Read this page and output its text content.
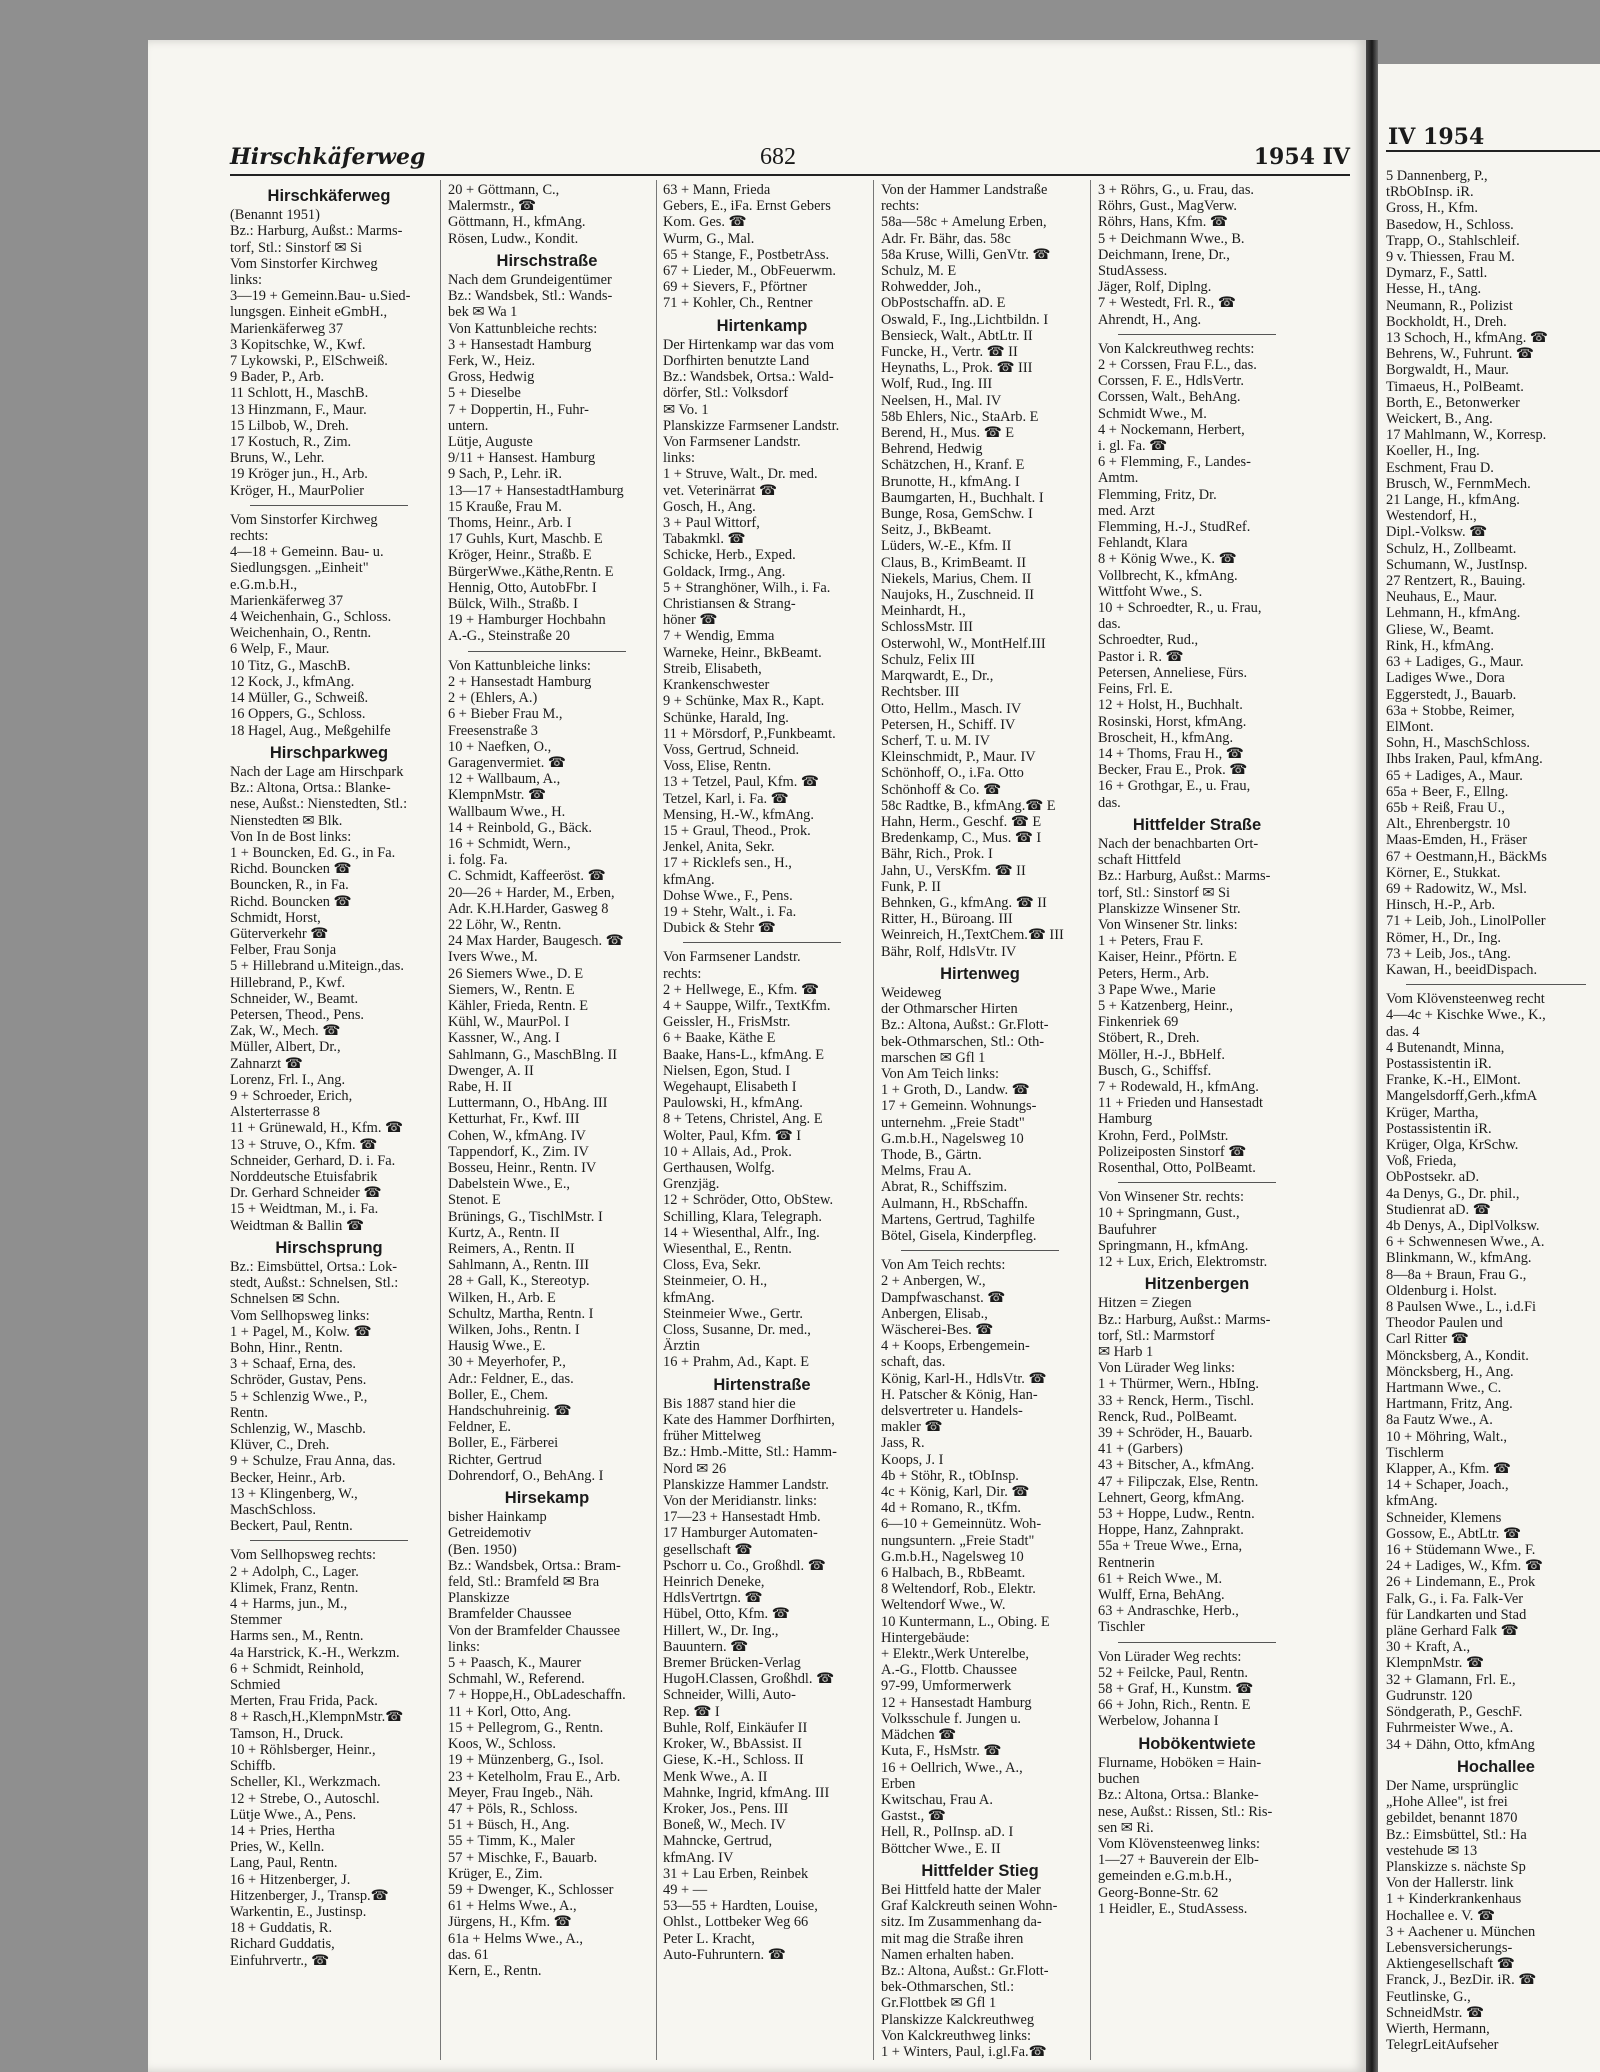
Hirschkäferweg	682	1954 IV
Hirschkäferweg
(Benannt 1951)
Bz.: Harburg, Außst.: Marms-
torf, Stl.: Sinstorf ✉ Si
Vom Sinstorfer Kirchweg
links:
3—19 + Gemeinn.Bau- u.Sied-
lungsgen. Einheit eGmbH.,
Marienkäferweg 37
3 Kopitschke, W., Kwf.
7 Lykowski, P., ElSchweiß.
9 Bader, P., Arb.
11 Schlott, H., MaschB.
13 Hinzmann, F., Maur.
15 Lilbob, W., Dreh.
17 Kostuch, R., Zim.
Bruns, W., Lehr.
19 Kröger jun., H., Arb.
Kröger, H., MaurPolier
Vom Sinstorfer Kirchweg
rechts:
4—18 + Gemeinn. Bau- u.
Siedlungsgen. „Einheit"
e.G.m.b.H.,
Marienkäferweg 37
4 Weichenhain, G., Schloss.
Weichenhain, O., Rentn.
6 Welp, F., Maur.
10 Titz, G., MaschB.
12 Kock, J., kfmAng.
14 Müller, G., Schweiß.
16 Oppers, G., Schloss.
18 Hagel, Aug., Meßgehilfe
Hirschparkweg
Nach der Lage am Hirschpark
Bz.: Altona, Ortsa.: Blanke-
nese, Außst.: Nienstedten, Stl.:
Nienstedten ✉ Blk.
Von In de Bost links:
1 + Bouncken, Ed. G., in Fa.
Richd. Bouncken ☎
Bouncken, R., in Fa.
Richd. Bouncken ☎
Schmidt, Horst,
Güterverkehr ☎
Felber, Frau Sonja
5 + Hillebrand u.Miteign.,das.
Hillebrand, P., Kwf.
Schneider, W., Beamt.
Petersen, Theod., Pens.
Zak, W., Mech. ☎
Müller, Albert, Dr.,
Zahnarzt ☎
Lorenz, Frl. I., Ang.
9 + Schroeder, Erich,
Alsterterrasse 8
11 + Grünewald, H., Kfm. ☎
13 + Struve, O., Kfm. ☎
Schneider, Gerhard, D. i. Fa.
Norddeutsche Etuisfabrik
Dr. Gerhard Schneider ☎
15 + Weidtman, M., i. Fa.
Weidtman & Ballin ☎
Hirschsprung
Bz.: Eimsbüttel, Ortsa.: Lok-
stedt, Außst.: Schnelsen, Stl.:
Schnelsen ✉ Schn.
Vom Sellhopsweg links:
1 + Pagel, M., Kolw. ☎
Bohn, Hinr., Rentn.
3 + Schaaf, Erna, des.
Schröder, Gustav, Pens.
5 + Schlenzig Wwe., P.,
Rentn.
Schlenzig, W., Maschb.
Klüver, C., Dreh.
9 + Schulze, Frau Anna, das.
Becker, Heinr., Arb.
13 + Klingenberg, W.,
MaschSchloss.
Beckert, Paul, Rentn.
Vom Sellhopsweg rechts:
2 + Adolph, C., Lager.
Klimek, Franz, Rentn.
4 + Harms, jun., M.,
Stemmer
Harms sen., M., Rentn.
4a Harstrick, K.-H., Werkzm.
6 + Schmidt, Reinhold,
Schmied
Merten, Frau Frida, Pack.
8 + Rasch,H.,KlempnMstr.☎
Tamson, H., Druck.
10 + Röhlsberger, Heinr.,
Schiffb.
Scheller, Kl., Werkzmach.
12 + Strebe, O., Autoschl.
Lütje Wwe., A., Pens.
14 + Pries, Hertha
Pries, W., Kelln.
Lang, Paul, Rentn.
16 + Hitzenberger, J.
Hitzenberger, J., Transp.☎
Warkentin, E., Justinsp.
18 + Guddatis, R.
Richard Guddatis,
Einfuhrvertr., ☎
20 + Göttmann, C.,
Malermstr., ☎
Göttmann, H., kfmAng.
Rösen, Ludw., Kondit.
Hirschstraße
Nach dem Grundeigentümer
Bz.: Wandsbek, Stl.: Wands-
bek ✉ Wa 1
Von Kattunbleiche rechts:
3 + Hansestadt Hamburg
Ferk, W., Heiz.
Gross, Hedwig
5 + Dieselbe
7 + Doppertin, H., Fuhr-
untern.
Lütje, Auguste
9/11 + Hansest. Hamburg
9 Sach, P., Lehr. iR.
13—17 + HansestadtHamburg
15 Krauße, Frau M.
Thoms, Heinr., Arb. I
17 Guhls, Kurt, Maschb. E
Kröger, Heinr., Straßb. E
BürgerWwe.,Käthe,Rentn. E
Hennig, Otto, AutobFbr. I
Bülck, Wilh., Straßb. I
19 + Hamburger Hochbahn
A.-G., Steinstraße 20
Von Kattunbleiche links:
2 + Hansestadt Hamburg
2 + (Ehlers, A.)
6 + Bieber Frau M.,
Freesenstraße 3
10 + Naefken, O.,
Garagenvermiet. ☎
12 + Wallbaum, A.,
KlempnMstr. ☎
Wallbaum Wwe., H.
14 + Reinbold, G., Bäck.
16 + Schmidt, Wern.,
i. folg. Fa.
C. Schmidt, Kaffeeröst. ☎
20—26 + Harder, M., Erben,
Adr. K.H.Harder, Gasweg 8
22 Löhr, W., Rentn.
24 Max Harder, Baugesch. ☎
Ivers Wwe., M.
26 Siemers Wwe., D. E
Siemers, W., Rentn. E
Kähler, Frieda, Rentn. E
Kühl, W., MaurPol. I
Kassner, W., Ang. I
Sahlmann, G., MaschBlng. II
Dwenger, A. II
Rabe, H. II
Luttermann, O., HbAng. III
Ketturhat, Fr., Kwf. III
Cohen, W., kfmAng. IV
Tappendorf, K., Zim. IV
Bosseu, Heinr., Rentn. IV
Dabelstein Wwe., E.,
Stenot. E
Brünings, G., TischlMstr. I
Kurtz, A., Rentn. II
Reimers, A., Rentn. II
Sahlmann, A., Rentn. III
28 + Gall, K., Stereotyp.
Wilken, H., Arb. E
Schultz, Martha, Rentn. I
Wilken, Johs., Rentn. I
Hausig Wwe., E.
30 + Meyerhofer, P.,
Adr.: Feldner, E., das.
Boller, E., Chem.
Handschuhreinig. ☎
Feldner, E.
Boller, E., Färberei
Richter, Gertrud
Dohrendorf, O., BehAng. I
Hirsekamp
bisher Hainkamp
Getreidemotiv
(Ben. 1950)
Bz.: Wandsbek, Ortsa.: Bram-
feld, Stl.: Bramfeld ✉ Bra
Planskizze
Bramfelder Chaussee
Von der Bramfelder Chaussee
links:
5 + Paasch, K., Maurer
Schmahl, W., Referend.
7 + Hoppe,H., ObLadeschaffn.
11 + Korl, Otto, Ang.
15 + Pellegrom, G., Rentn.
Koos, W., Schloss.
19 + Münzenberg, G., Isol.
23 + Ketelholm, Frau E., Arb.
Meyer, Frau Ingeb., Näh.
47 + Pöls, R., Schloss.
51 + Büsch, H., Ang.
55 + Timm, K., Maler
57 + Mischke, F., Bauarb.
Krüger, E., Zim.
59 + Dwenger, K., Schlosser
61 + Helms Wwe., A.,
Jürgens, H., Kfm. ☎
61a + Helms Wwe., A.,
das. 61
Kern, E., Rentn.
63 + Mann, Frieda
Gebers, E., iFa. Ernst Gebers
Kom. Ges. ☎
Wurm, G., Mal.
65 + Stange, F., PostbetrAss.
67 + Lieder, M., ObFeuerwm.
69 + Sievers, F., Pförtner
71 + Kohler, Ch., Rentner
Hirtenkamp
Der Hirtenkamp war das vom
Dorfhirten benutzte Land
Bz.: Wandsbek, Ortsa.: Wald-
dörfer, Stl.: Volksdorf
✉ Vo. 1
Planskizze Farmsener Landstr.
Von Farmsener Landstr.
links:
1 + Struve, Walt., Dr. med.
vet. Veterinärrat ☎
Gosch, H., Ang.
3 + Paul Wittorf,
Tabakmkl. ☎
Schicke, Herb., Exped.
Goldack, Irmg., Ang.
5 + Stranghöner, Wilh., i. Fa.
Christiansen & Strang-
höner ☎
7 + Wendig, Emma
Warneke, Heinr., BkBeamt.
Streib, Elisabeth,
Krankenschwester
9 + Schünke, Max R., Kapt.
Schünke, Harald, Ing.
11 + Mörsdorf, P.,Funkbeamt.
Voss, Gertrud, Schneid.
Voss, Elise, Rentn.
13 + Tetzel, Paul, Kfm. ☎
Tetzel, Karl, i. Fa. ☎
Mensing, H.-W., kfmAng.
15 + Graul, Theod., Prok.
Jenkel, Anita, Sekr.
17 + Ricklefs sen., H.,
kfmAng.
Dohse Wwe., F., Pens.
19 + Stehr, Walt., i. Fa.
Dubick & Stehr ☎
Von Farmsener Landstr.
rechts:
2 + Hellwege, E., Kfm. ☎
4 + Sauppe, Wilfr., TextKfm.
Geissler, H., FrisMstr.
6 + Baake, Käthe E
Baake, Hans-L., kfmAng. E
Nielsen, Egon, Stud. I
Wegehaupt, Elisabeth I
Paulowski, H., kfmAng.
8 + Tetens, Christel, Ang. E
Wolter, Paul, Kfm. ☎ I
10 + Allais, Ad., Prok.
Gerthausen, Wolfg.
Grenzjäg.
12 + Schröder, Otto, ObStew.
Schilling, Klara, Telegraph.
14 + Wiesenthal, Alfr., Ing.
Wiesenthal, E., Rentn.
Closs, Eva, Sekr.
Steinmeier, O. H.,
kfmAng.
Steinmeier Wwe., Gertr.
Closs, Susanne, Dr. med.,
Ärztin
16 + Prahm, Ad., Kapt. E
Hirtenstraße
Bis 1887 stand hier die
Kate des Hammer Dorfhirten,
früher Mittelweg
Bz.: Hmb.-Mitte, Stl.: Hamm-
Nord ✉ 26
Planskizze Hammer Landstr.
Von der Meridianstr. links:
17—23 + Hansestadt Hmb.
17 Hamburger Automaten-
gesellschaft ☎
Pschorr u. Co., Großhdl. ☎
Heinrich Deneke,
HdlsVertrtgn. ☎
Hübel, Otto, Kfm. ☎
Hillert, W., Dr. Ing.,
Bauuntern. ☎
Bremer Brücken-Verlag
HugoH.Classen, Großhdl. ☎
Schneider, Willi, Auto-
Rep. ☎ I
Buhle, Rolf, Einkäufer II
Kroker, W., BbAssist. II
Giese, K.-H., Schloss. II
Menk Wwe., A. II
Mahnke, Ingrid, kfmAng. III
Kroker, Jos., Pens. III
Boneß, W., Mech. IV
Mahncke, Gertrud,
kfmAng. IV
31 + Lau Erben, Reinbek
49 + —
53—55 + Hardten, Louise,
Ohlst., Lottbeker Weg 66
Peter L. Kracht,
Auto-Fuhruntern. ☎
Von der Hammer Landstraße
rechts:
58a—58c + Amelung Erben,
Adr. Fr. Bähr, das. 58c
58a Kruse, Willi, GenVtr. ☎
Schulz, M. E
Rohwedder, Joh.,
ObPostschaffn. aD. E
Oswald, F., Ing.,Lichtbildn. I
Bensieck, Walt., AbtLtr. II
Funcke, H., Vertr. ☎ II
Heynaths, L., Prok. ☎ III
Wolf, Rud., Ing. III
Neelsen, H., Mal. IV
58b Ehlers, Nic., StaArb. E
Berend, H., Mus. ☎ E
Behrend, Hedwig
Schätzchen, H., Kranf. E
Brunotte, H., kfmAng. I
Baumgarten, H., Buchhalt. I
Bunge, Rosa, GemSchw. I
Seitz, J., BkBeamt.
Lüders, W.-E., Kfm. II
Claus, B., KrimBeamt. II
Niekels, Marius, Chem. II
Naujoks, H., Zuschneid. II
Meinhardt, H.,
SchlossMstr. III
Osterwohl, W., MontHelf.III
Schulz, Felix III
Marqwardt, E., Dr.,
Rechtsber. III
Otto, Hellm., Masch. IV
Petersen, H., Schiff. IV
Scherf, T. u. M. IV
Kleinschmidt, P., Maur. IV
Schönhoff, O., i.Fa. Otto
Schönhoff & Co. ☎
58c Radtke, B., kfmAng.☎ E
Hahn, Herm., Geschf. ☎ E
Bredenkamp, C., Mus. ☎ I
Bähr, Rich., Prok. I
Jahn, U., VersKfm. ☎ II
Funk, P. II
Behnken, G., kfmAng. ☎ II
Ritter, H., Büroang. III
Weinreich, H.,TextChem.☎ III
Bähr, Rolf, HdlsVtr. IV
Hirtenweg
Weideweg
der Othmarscher Hirten
Bz.: Altona, Außst.: Gr.Flott-
bek-Othmarschen, Stl.: Oth-
marschen ✉ Gfl 1
Von Am Teich links:
1 + Groth, D., Landw. ☎
17 + Gemeinn. Wohnungs-
unternehm. „Freie Stadt"
G.m.b.H., Nagelsweg 10
Thode, B., Gärtn.
Melms, Frau A.
Abrat, R., Schiffszim.
Aulmann, H., RbSchaffn.
Martens, Gertrud, Taghilfe
Bötel, Gisela, Kinderpfleg.
Von Am Teich rechts:
2 + Anbergen, W.,
Dampfwaschanst. ☎
Anbergen, Elisab.,
Wäscherei-Bes. ☎
4 + Koops, Erbengemein-
schaft, das.
König, Karl-H., HdlsVtr. ☎
H. Patscher & König, Han-
delsvertreter u. Handels-
makler ☎
Jass, R.
Koops, J. I
4b + Stöhr, R., tObInsp.
4c + König, Karl, Dir. ☎
4d + Romano, R., tKfm.
6—10 + Gemeinnütz. Woh-
nungsuntern. „Freie Stadt"
G.m.b.H., Nagelsweg 10
6 Halbach, B., RbBeamt.
8 Weltendorf, Rob., Elektr.
Weltendorf Wwe., W.
10 Kuntermann, L., Obing. E
Hintergebäude:
+ Elektr.,Werk Unterelbe,
A.-G., Flottb. Chaussee
97-99, Umformerwerk
12 + Hansestadt Hamburg
Volksschule f. Jungen u.
Mädchen ☎
Kuta, F., HsMstr. ☎
16 + Oellrich, Wwe., A.,
Erben
Kwitschau, Frau A.
Gastst., ☎
Hell, R., PolInsp. aD. I
Böttcher Wwe., E. II
Hittfelder Stieg
Bei Hittfeld hatte der Maler
Graf Kalckreuth seinen Wohn-
sitz. Im Zusammenhang da-
mit mag die Straße ihren
Namen erhalten haben.
Bz.: Altona, Außst.: Gr.Flott-
bek-Othmarschen, Stl.:
Gr.Flottbek ✉ Gfl 1
Planskizze Kalckreuthweg
Von Kalckreuthweg links:
1 + Winters, Paul, i.gl.Fa.☎
3 + Röhrs, G., u. Frau, das.
Röhrs, Gust., MagVerw.
Röhrs, Hans, Kfm. ☎
5 + Deichmann Wwe., B.
Deichmann, Irene, Dr.,
StudAssess.
Jäger, Rolf, Diplng.
7 + Westedt, Frl. R., ☎
Ahrendt, H., Ang.
Von Kalckreuthweg rechts:
2 + Corssen, Frau F.L., das.
Corssen, F. E., HdlsVertr.
Corssen, Walt., BehAng.
Schmidt Wwe., M.
4 + Nockemann, Herbert,
i. gl. Fa. ☎
6 + Flemming, F., Landes-
Amtm.
Flemming, Fritz, Dr.
med. Arzt
Flemming, H.-J., StudRef.
Fehlandt, Klara
8 + König Wwe., K. ☎
Vollbrecht, K., kfmAng.
Wittfoht Wwe., S.
10 + Schroedter, R., u. Frau,
das.
Schroedter, Rud.,
Pastor i. R. ☎
Petersen, Anneliese, Fürs.
Feins, Frl. E.
12 + Holst, H., Buchhalt.
Rosinski, Horst, kfmAng.
Broscheit, H., kfmAng.
14 + Thoms, Frau H., ☎
Becker, Frau E., Prok. ☎
16 + Grothgar, E., u. Frau,
das.
Hittfelder Straße
Nach der benachbarten Ort-
schaft Hittfeld
Bz.: Harburg, Außst.: Marms-
torf, Stl.: Sinstorf ✉ Si
Planskizze Winsener Str.
Von Winsener Str. links:
1 + Peters, Frau F.
Kaiser, Heinr., Pförtn. E
Peters, Herm., Arb.
3 Pape Wwe., Marie
5 + Katzenberg, Heinr.,
Finkenriek 69
Stöbert, R., Dreh.
Möller, H.-J., BbHelf.
Busch, G., Schiffsf.
7 + Rodewald, H., kfmAng.
11 + Frieden und Hansestadt
Hamburg
Krohn, Ferd., PolMstr.
Polizeiposten Sinstorf ☎
Rosenthal, Otto, PolBeamt.
Von Winsener Str. rechts:
10 + Springmann, Gust.,
Baufuhrer
Springmann, H., kfmAng.
12 + Lux, Erich, Elektromstr.
Hitzenbergen
Hitzen = Ziegen
Bz.: Harburg, Außst.: Marms-
torf, Stl.: Marmstorf
✉ Harb 1
Von Lürader Weg links:
1 + Thürmer, Wern., HbIng.
33 + Renck, Herm., Tischl.
Renck, Rud., PolBeamt.
39 + Schröder, H., Bauarb.
41 + (Garbers)
43 + Bitscher, A., kfmAng.
47 + Filipczak, Else, Rentn.
Lehnert, Georg, kfmAng.
53 + Hoppe, Ludw., Rentn.
Hoppe, Hanz, Zahnprakt.
55a + Treue Wwe., Erna,
Rentnerin
61 + Reich Wwe., M.
Wulff, Erna, BehAng.
63 + Andraschke, Herb.,
Tischler
Von Lürader Weg rechts:
52 + Feilcke, Paul, Rentn.
58 + Graf, H., Kunstm. ☎
66 + John, Rich., Rentn. E
Werbelow, Johanna I
Hobökentwiete
Flurname, Hoböken = Hain-
buchen
Bz.: Altona, Ortsa.: Blanke-
nese, Außst.: Rissen, Stl.: Ris-
sen ✉ Ri.
Vom Klövensteenweg links:
1—27 + Bauverein der Elb-
gemeinden e.G.m.b.H.,
Georg-Bonne-Str. 62
1 Heidler, E., StudAssess.
IV 1954
5 Dannenberg, P.,
tRbObInsp. iR.
Gross, H., Kfm.
Basedow, H., Schloss.
Trapp, O., Stahlschleif.
9 v. Thiessen, Frau M.
Dymarz, F., Sattl.
Hesse, H., tAng.
Neumann, R., Polizist
Bockholdt, H., Dreh.
13 Schoch, H., kfmAng. ☎
Behrens, W., Fuhrunt. ☎
Borgwaldt, H., Maur.
Timaeus, H., PolBeamt.
Borth, E., Betonwerker
Weickert, B., Ang.
17 Mahlmann, W., Korresp.
Koeller, H., Ing.
Eschment, Frau D.
Brusch, W., FernmMech.
21 Lange, H., kfmAng.
Westendorf, H.,
Dipl.-Volksw. ☎
Schulz, H., Zollbeamt.
Schumann, W., JustInsp.
27 Rentzert, R., Bauing.
Neuhaus, E., Maur.
Lehmann, H., kfmAng.
Gliese, W., Beamt.
Rink, H., kfmAng.
63 + Ladiges, G., Maur.
Ladiges Wwe., Dora
Eggerstedt, J., Bauarb.
63a + Stobbe, Reimer,
ElMont.
Sohn, H., MaschSchloss.
Ihbs Iraken, Paul, kfmAng.
65 + Ladiges, A., Maur.
65a + Beer, F., Ellng.
65b + Reiß, Frau U.,
Alt., Ehrenbergstr. 10
Maas-Emden, H., Fräser
67 + Oestmann,H., BäckMs
Körner, E., Stukkat.
69 + Radowitz, W., Msl.
Hinsch, H.-P., Arb.
71 + Leib, Joh., LinolPoller
Römer, H., Dr., Ing.
73 + Leib, Jos., tAng.
Kawan, H., beeidDispach.
Vom Klövensteenweg recht
4—4c + Kischke Wwe., K.,
das. 4
4 Butenandt, Minna,
Postassistentin iR.
Franke, K.-H., ElMont.
Mangelsdorff,Gerh.,kfmA
Krüger, Martha,
Postassistentin iR.
Krüger, Olga, KrSchw.
Voß, Frieda,
ObPostsekr. aD.
4a Denys, G., Dr. phil.,
Studienrat aD. ☎
4b Denys, A., DiplVolksw.
6 + Schwennesen Wwe., A.
Blinkmann, W., kfmAng.
8—8a + Braun, Frau G.,
Oldenburg i. Holst.
8 Paulsen Wwe., L., i.d.Fi
Theodor Paulen und
Carl Ritter ☎
Möncksberg, A., Kondit.
Möncksberg, H., Ang.
Hartmann Wwe., C.
Hartmann, Fritz, Ang.
8a Fautz Wwe., A.
10 + Möhring, Walt.,
Tischlerm
Klapper, A., Kfm. ☎
14 + Schaper, Joach.,
kfmAng.
Schneider, Klemens
Gossow, E., AbtLtr. ☎
16 + Stüdemann Wwe., F.
24 + Ladiges, W., Kfm. ☎
26 + Lindemann, E., Prok
Falk, G., i. Fa. Falk-Ver
für Landkarten und Stad
pläne Gerhard Falk ☎
30 + Kraft, A.,
KlempnMstr. ☎
32 + Glamann, Frl. E.,
Gudrunstr. 120
Söndgerath, P., GeschF.
Fuhrmeister Wwe., A.
34 + Dähn, Otto, kfmAng
Hochallee
Der Name, ursprünglic
„Hohe Allee", ist frei
gebildet, benannt 1870
Bz.: Eimsbüttel, Stl.: Ha
vestehude ✉ 13
Planskizze s. nächste Sp
Von der Hallerstr. link
1 + Kinderkrankenhaus
Hochallee e. V. ☎
3 + Aachener u. München
Lebensversicherungs-
Aktiengesellschaft ☎
Franck, J., BezDir. iR. ☎
Feutlinske, G.,
SchneidMstr. ☎
Wierth, Hermann,
TelegrLeitAufseher
